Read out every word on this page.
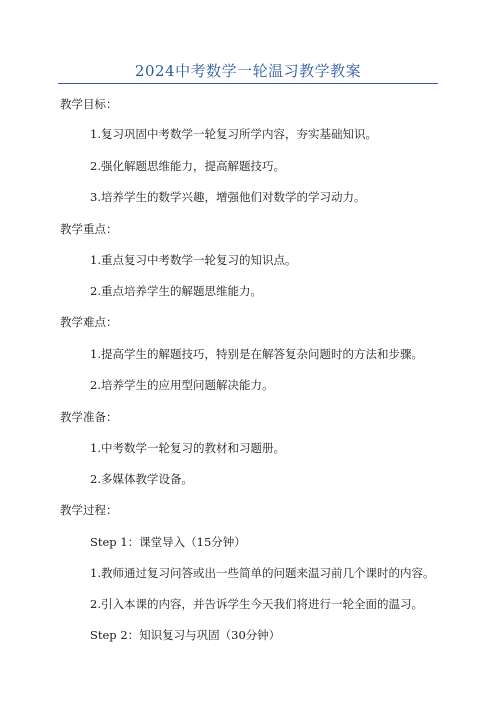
2024中考数学一轮温习教学教案
教学目标：
1.复习巩固中考数学一轮复习所学内容，夯实基础知识。
2.强化解题思维能力，提高解题技巧。
3.培养学生的数学兴趣，增强他们对数学的学习动力。
教学重点：
1.重点复习中考数学一轮复习的知识点。
2.重点培养学生的解题思维能力。
教学难点：
1.提高学生的解题技巧，特别是在解答复杂问题时的方法和步骤。
2.培养学生的应用型问题解决能力。
教学准备：
1.中考数学一轮复习的教材和习题册。
2.多媒体教学设备。
教学过程：
Step 1：课堂导入（15分钟）
1.教师通过复习问答或出一些简单的问题来温习前几个课时的内容。
2.引入本课的内容，并告诉学生今天我们将进行一轮全面的温习。
Step 2：知识复习与巩固（30分钟）
